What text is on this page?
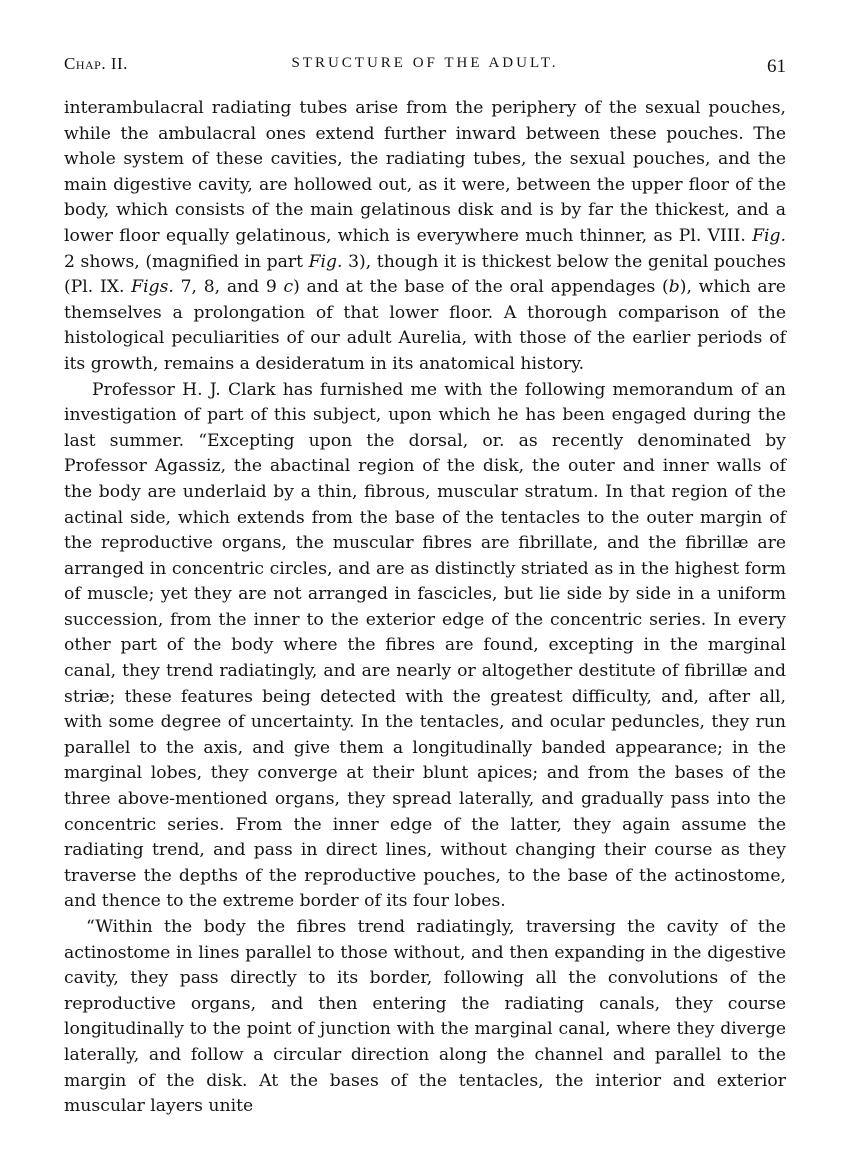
Chap. II.	STRUCTURE OF THE ADULT.	61

interambulacral radiating tubes arise from the periphery of the sexual pouches, while the ambulacral ones extend further inward between these pouches. The whole system of these cavities, the radiating tubes, the sexual pouches, and the main digestive cavity, are hollowed out, as it were, between the upper floor of the body, which consists of the main gelatinous disk and is by far the thickest, and a lower floor equally gelatinous, which is everywhere much thinner, as Pl. VIII. Fig. 2 shows, (magnified in part Fig. 3), though it is thickest below the genital pouches (Pl. IX. Figs. 7, 8, and 9 c) and at the base of the oral appendages (b), which are themselves a prolongation of that lower floor. A thorough comparison of the histological peculiarities of our adult Aurelia, with those of the earlier periods of its growth, remains a desideratum in its anatomical history.

Professor H. J. Clark has furnished me with the following memorandum of an investigation of part of this subject, upon which he has been engaged during the last summer. “Excepting upon the dorsal, or. as recently denominated by Professor Agassiz, the abactinal region of the disk, the outer and inner walls of the body are underlaid by a thin, fibrous, muscular stratum. In that region of the actinal side, which extends from the base of the tentacles to the outer margin of the reproductive organs, the muscular fibres are fibrillate, and the fibrillæ are arranged in concentric circles, and are as distinctly striated as in the highest form of muscle; yet they are not arranged in fascicles, but lie side by side in a uniform succession, from the inner to the exterior edge of the concentric series. In every other part of the body where the fibres are found, excepting in the marginal canal, they trend radiatingly, and are nearly or altogether destitute of fibrillæ and striæ; these features being detected with the greatest difficulty, and, after all, with some degree of uncertainty. In the tentacles, and ocular peduncles, they run parallel to the axis, and give them a longitudinally banded appearance; in the marginal lobes, they converge at their blunt apices; and from the bases of the three above-mentioned organs, they spread laterally, and gradually pass into the concentric series. From the inner edge of the latter, they again assume the radiating trend, and pass in direct lines, without changing their course as they traverse the depths of the reproductive pouches, to the base of the actinostome, and thence to the extreme border of its four lobes.

“Within the body the fibres trend radiatingly, traversing the cavity of the actinostome in lines parallel to those without, and then expanding in the digestive cavity, they pass directly to its border, following all the convolutions of the reproductive organs, and then entering the radiating canals, they course longitudinally to the point of junction with the marginal canal, where they diverge laterally, and follow a circular direction along the channel and parallel to the margin of the disk. At the bases of the tentacles, the interior and exterior muscular layers unite
